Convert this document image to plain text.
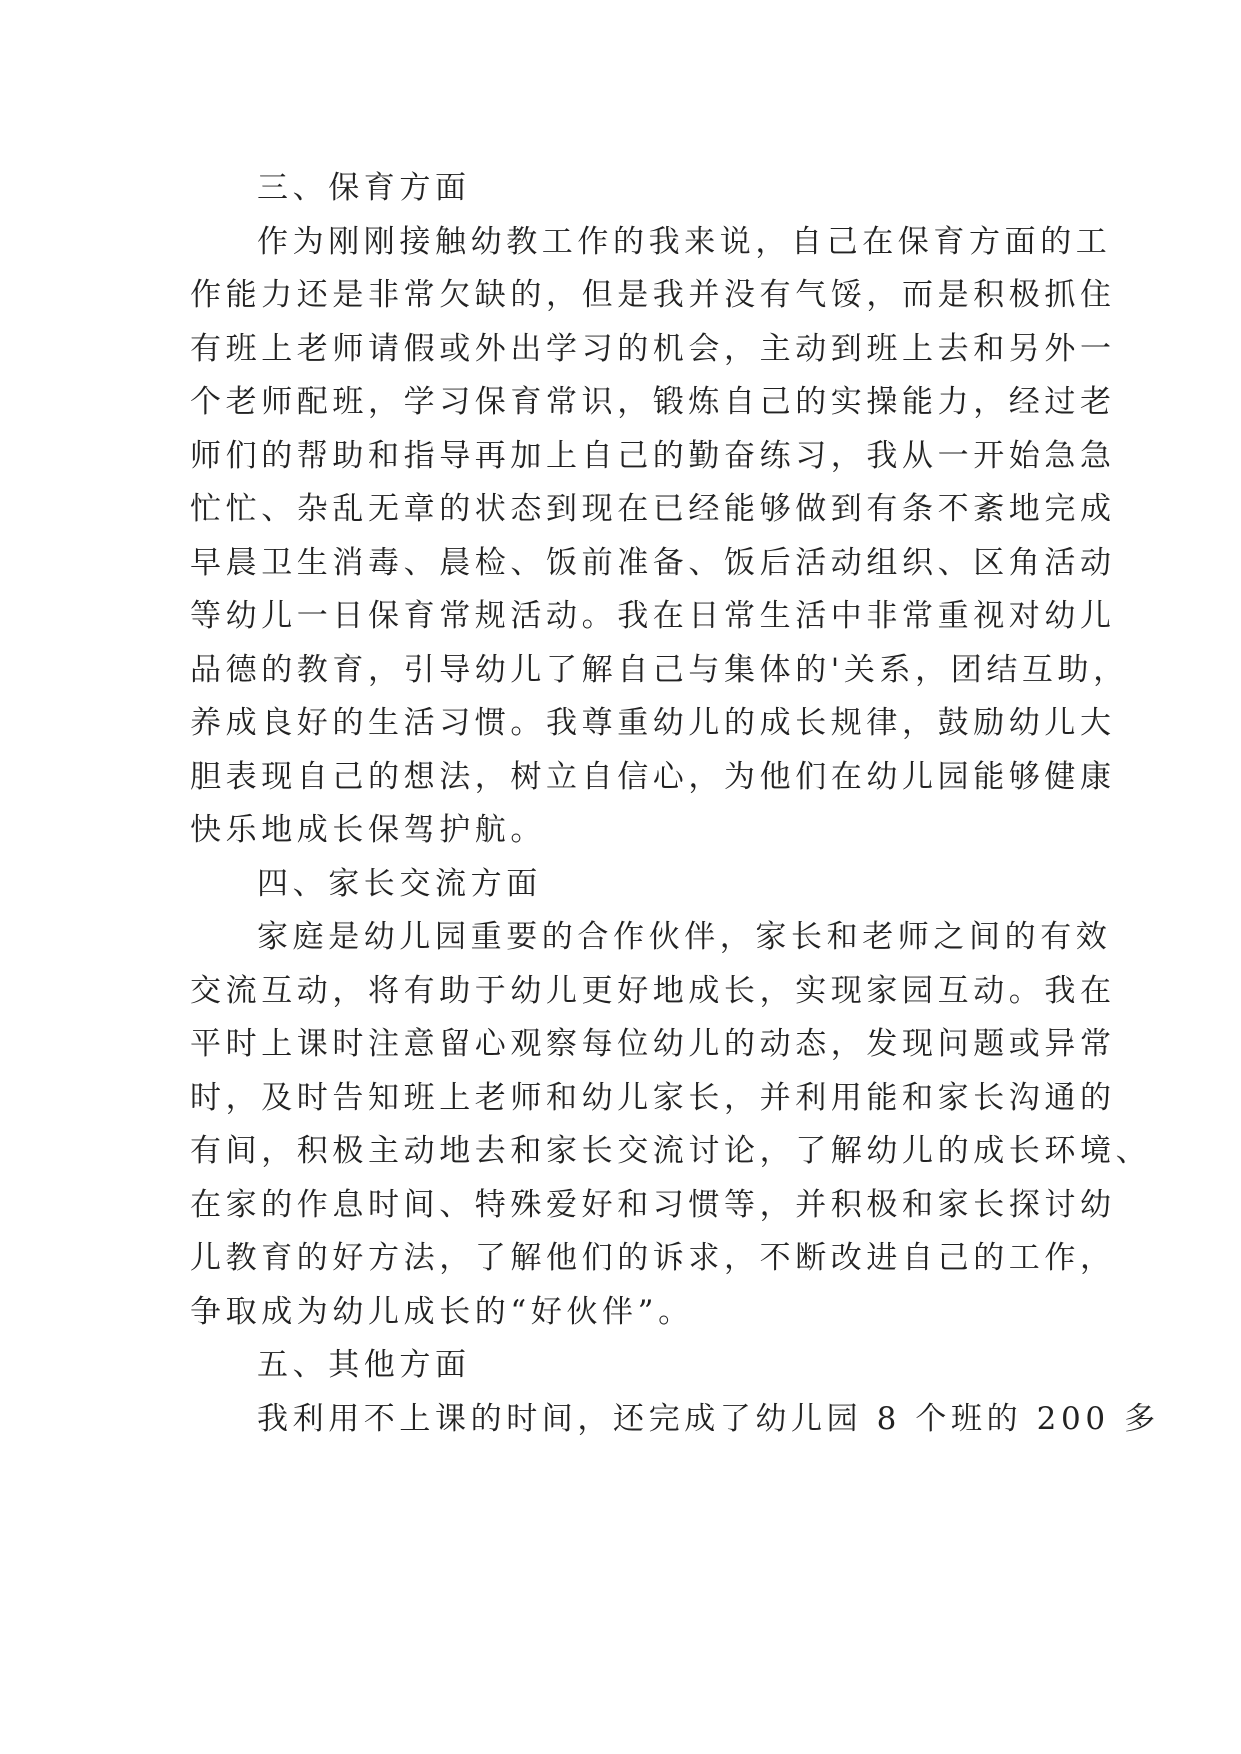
三、保育方面
作为刚刚接触幼教工作的我来说，自己在保育方面的工
作能力还是非常欠缺的，但是我并没有气馁，而是积极抓住
有班上老师请假或外出学习的机会，主动到班上去和另外一
个老师配班，学习保育常识，锻炼自己的实操能力，经过老
师们的帮助和指导再加上自己的勤奋练习，我从一开始急急
忙忙、杂乱无章的状态到现在已经能够做到有条不紊地完成
早晨卫生消毒、晨检、饭前准备、饭后活动组织、区角活动
等幼儿一日保育常规活动。我在日常生活中非常重视对幼儿
品德的教育，引导幼儿了解自己与集体的'关系，团结互助，
养成良好的生活习惯。我尊重幼儿的成长规律，鼓励幼儿大
胆表现自己的想法，树立自信心，为他们在幼儿园能够健康
快乐地成长保驾护航。
四、家长交流方面
家庭是幼儿园重要的合作伙伴，家长和老师之间的有效
交流互动，将有助于幼儿更好地成长，实现家园互动。我在
平时上课时注意留心观察每位幼儿的动态，发现问题或异常
时，及时告知班上老师和幼儿家长，并利用能和家长沟通的
有间，积极主动地去和家长交流讨论，了解幼儿的成长环境、
在家的作息时间、特殊爱好和习惯等，并积极和家长探讨幼
儿教育的好方法，了解他们的诉求，不断改进自己的工作，
争取成为幼儿成长的“好伙伴”。
五、其他方面
我利用不上课的时间，还完成了幼儿园 8 个班的 200 多
